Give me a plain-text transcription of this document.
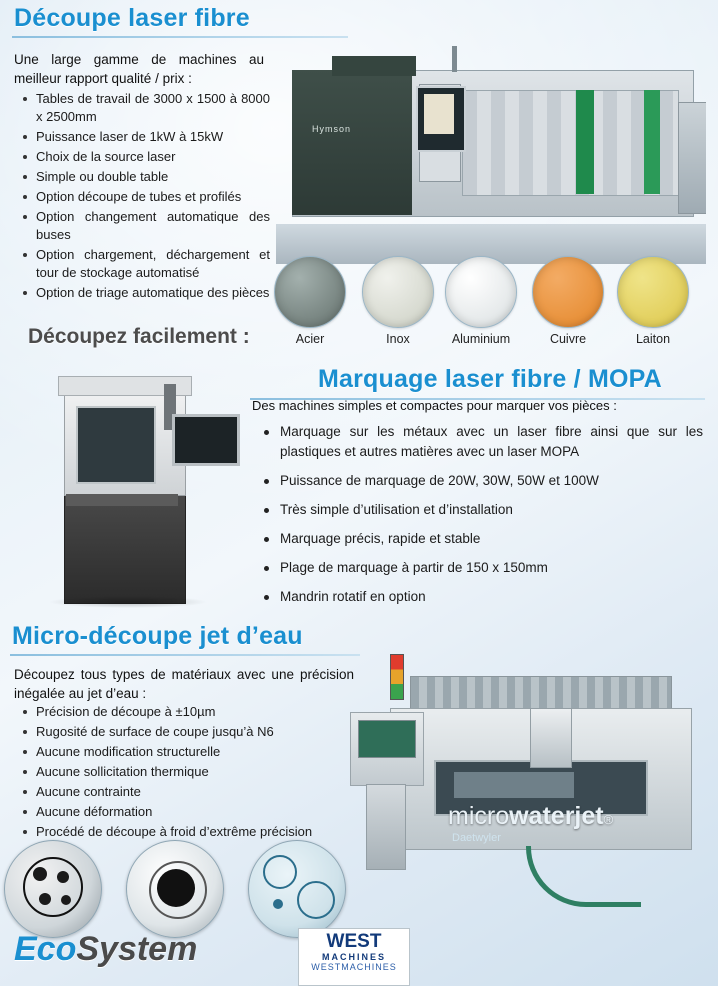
Découpe laser fibre
Une large gamme de machines au meilleur rapport qualité / prix :
Tables de travail de 3000 x 1500 à 8000 x 2500mm
Puissance laser de 1kW à 15kW
Choix de la source laser
Simple ou double table
Option découpe de tubes et profilés
Option changement automatique des buses
Option chargement, déchargement et tour de stockage automatisé
Option de triage automatique des pièces
Hymson
Découpez facilement :	Acier	Inox	Aluminium	Cuivre	Laiton
Marquage laser fibre / MOPA
Des machines simples et compactes pour marquer vos pièces :
Marquage sur les métaux avec un laser fibre ainsi que sur les plastiques et autres matières avec un laser MOPA
Puissance de marquage de 20W, 30W, 50W et 100W
Très simple d’utilisation et d’installation
Marquage précis, rapide et stable
Plage de marquage à partir de 150 x 150mm
Mandrin rotatif en option
Micro-découpe jet d’eau
Découpez tous types de matériaux avec une précision inégalée au jet d’eau :
Précision de découpe à ±10µm
Rugosité de surface de coupe jusqu’à N6
Aucune modification structurelle
Aucune sollicitation thermique
Aucune contrainte
Aucune déformation
Procédé de découpe à froid d’extrême précision
microwaterjet®
Daetwyler
EcoSystem	WEST
MACHINES
WESTMACHINES
